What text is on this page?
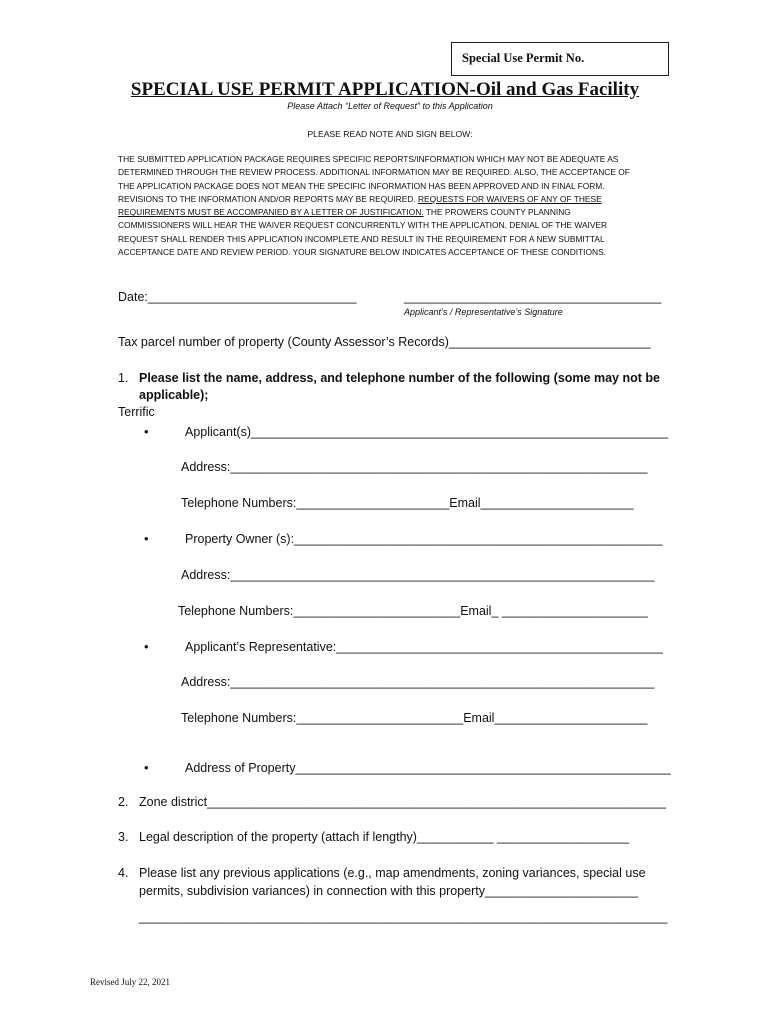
Special Use Permit No.
SPECIAL USE PERMIT APPLICATION-Oil and Gas Facility
Please Attach “Letter of Request” to this Application
PLEASE READ NOTE AND SIGN BELOW:
THE SUBMITTED APPLICATION PACKAGE REQUIRES SPECIFIC REPORTS/INFORMATION WHICH MAY NOT BE ADEQUATE AS
DETERMINED THROUGH THE REVIEW PROCESS. ADDITIONAL INFORMATION MAY BE REQUIRED. ALSO, THE ACCEPTANCE OF
THE APPLICATION PACKAGE DOES NOT MEAN THE SPECIFIC INFORMATION HAS BEEN APPROVED AND IN FINAL FORM.
REVISIONS TO THE INFORMATION AND/OR REPORTS MAY BE REQUIRED. REQUESTS FOR WAIVERS OF ANY OF THESE
REQUIREMENTS MUST BE ACCOMPANIED BY A LETTER OF JUSTIFICATION. THE PROWERS COUNTY PLANNING
COMMISSIONERS WILL HEAR THE WAIVER REQUEST CONCURRENTLY WITH THE APPLICATION. DENIAL OF THE WAIVER
REQUEST SHALL RENDER THIS APPLICATION INCOMPLETE AND RESULT IN THE REQUIREMENT FOR A NEW SUBMITTAL
ACCEPTANCE DATE AND REVIEW PERIOD. YOUR SIGNATURE BELOW INDICATES ACCEPTANCE OF THESE CONDITIONS.
Date:______________________________	_____________________________________
Applicant’s / Representative’s Signature
Tax parcel number of property (County Assessor’s Records)_____________________________
1. Please list the name, address, and telephone number of the following (some may not be
applicable);
Terrific
•	Applicant(s)____________________________________________________________
Address:____________________________________________________________
Telephone Numbers:______________________Email______________________
•	Property Owner (s):_____________________________________________________
Address:_____________________________________________________________
Telephone Numbers:________________________Email_ _____________________
•	Applicant’s Representative:_______________________________________________
Address:_____________________________________________________________
Telephone Numbers:________________________Email______________________
•	Address of Property______________________________________________________
2. Zone district__________________________________________________________________
3. Legal description of the property (attach if lengthy)___________ ___________________
4. Please list any previous applications (e.g., map amendments, zoning variances, special use
permits, subdivision variances) in connection with this property______________________
____________________________________________________________________________
Revised July 22, 2021
